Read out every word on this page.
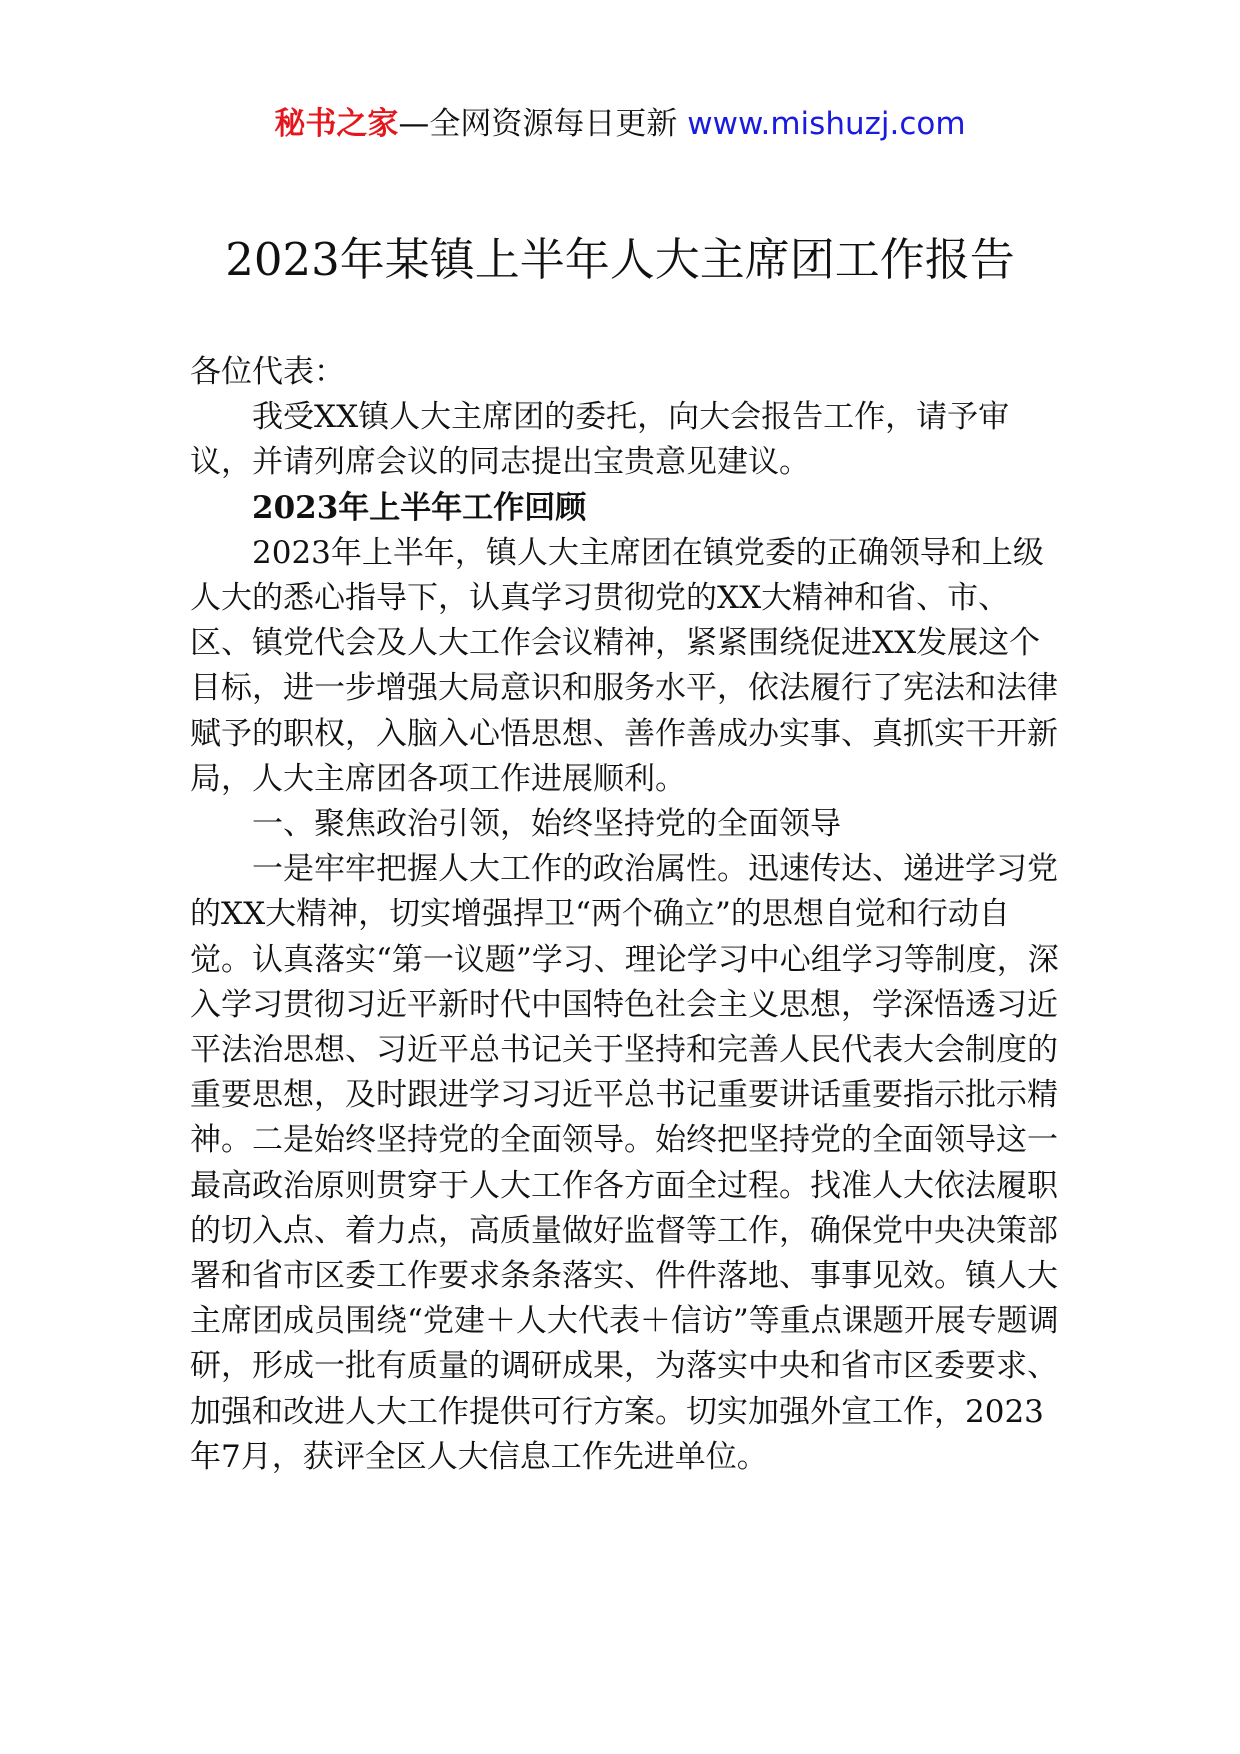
秘书之家—全网资源每日更新 www.mishuzj.com
2023年某镇上半年人大主席团工作报告

各位代表：

我受XX镇人大主席团的委托，向大会报告工作，请予审议，并请列席会议的同志提出宝贵意见建议。

2023年上半年工作回顾

2023年上半年，镇人大主席团在镇党委的正确领导和上级人大的悉心指导下，认真学习贯彻党的XX大精神和省、市、区、镇党代会及人大工作会议精神，紧紧围绕促进XX发展这个目标，进一步增强大局意识和服务水平，依法履行了宪法和法律赋予的职权，入脑入心悟思想、善作善成办实事、真抓实干开新局，人大主席团各项工作进展顺利。

一、聚焦政治引领，始终坚持党的全面领导

一是牢牢把握人大工作的政治属性。迅速传达、递进学习党的XX大精神，切实增强捍卫“两个确立”的思想自觉和行动自觉。认真落实“第一议题”学习、理论学习中心组学习等制度，深入学习贯彻习近平新时代中国特色社会主义思想，学深悟透习近平法治思想、习近平总书记关于坚持和完善人民代表大会制度的重要思想，及时跟进学习习近平总书记重要讲话重要指示批示精神。二是始终坚持党的全面领导。始终把坚持党的全面领导这一最高政治原则贯穿于人大工作各方面全过程。找准人大依法履职的切入点、着力点，高质量做好监督等工作，确保党中央决策部署和省市区委工作要求条条落实、件件落地、事事见效。镇人大主席团成员围绕“党建＋人大代表＋信访”等重点课题开展专题调研，形成一批有质量的调研成果，为落实中央和省市区委要求、加强和改进人大工作提供可行方案。切实加强外宣工作，2023年7月，获评全区人大信息工作先进单位。
